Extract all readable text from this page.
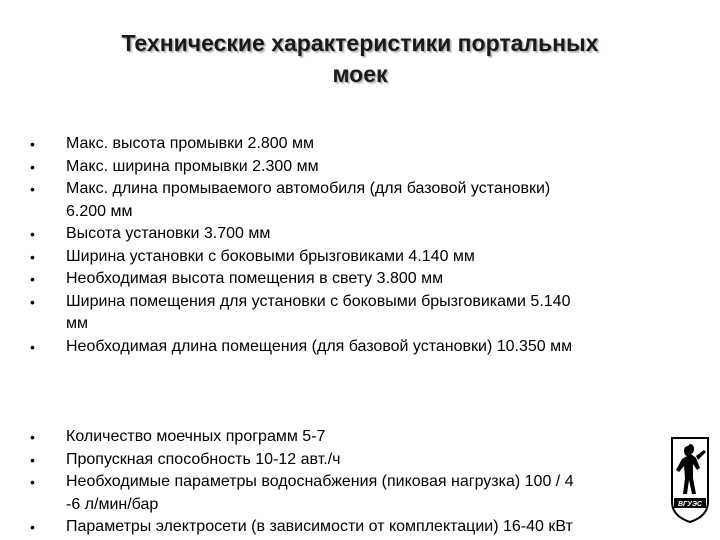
Технические характеристики портальных
моек
• Макс. высота промывки 2.800 мм
• Макс. ширина промывки 2.300 мм
• Макс. длина промываемого автомобиля (для базовой установки)
6.200 мм
• Высота установки 3.700 мм
• Ширина установки с боковыми брызговиками 4.140 мм
• Необходимая высота помещения в свету 3.800 мм
• Ширина помещения для установки с боковыми брызговиками 5.140
мм
• Необходимая длина помещения (для базовой установки) 10.350 мм
• Количество моечных программ 5-7
• Пропускная способность 10-12 авт./ч
• Необходимые параметры водоснабжения (пиковая нагрузка) 100 / 4
-6 л/мин/бар
• Параметры электросети (в зависимости от комплектации) 16-40 кВт
ВГУЭС
